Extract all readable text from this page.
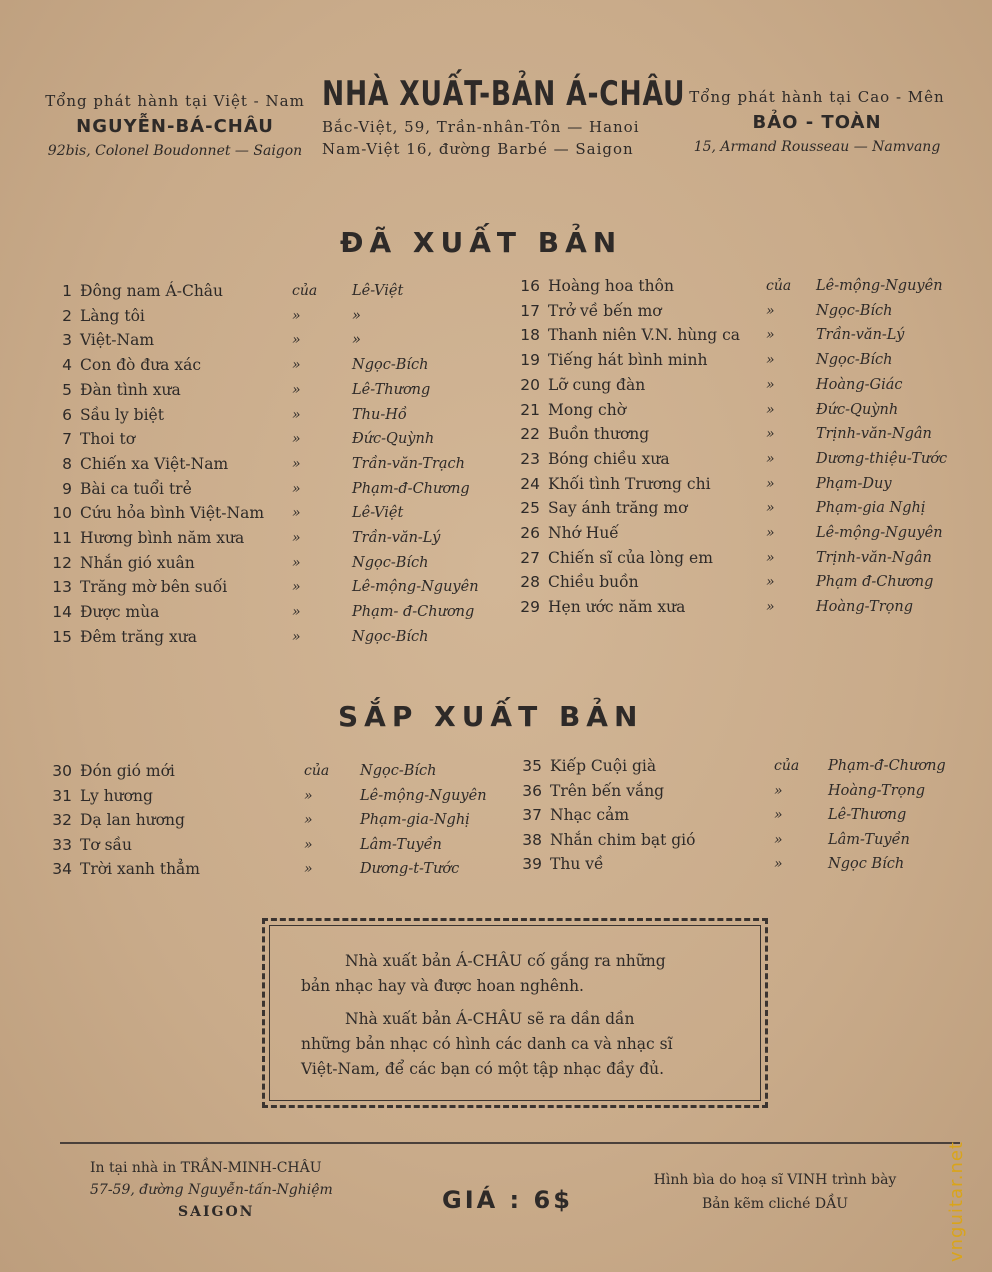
Tổng phát hành tại Việt - Nam
NGUYỄN-BÁ-CHÂU
92bis, Colonel Boudonnet — Saigon
NHÀ XUẤT-BẢN Á-CHÂU
Bắc-Việt, 59, Trần-nhân-Tôn — Hanoi
Nam-Việt 16, đường Barbé — Saigon
Tổng phát hành tại Cao - Mên
BẢO - TOÀN
15, Armand Rousseau — Namvang
ĐÃ XUẤT BẢN
1 Đông nam Á-Châu	của Lê-Việt
2 Làng tôi	»	»
3 Việt-Nam	»	»
4 Con đò đưa xác	»	Ngọc-Bích
5 Đàn tình xưa	»	Lê-Thương
6 Sầu ly biệt	»	Thu-Hồ
7 Thoi tơ	»	Đức-Quỳnh
8 Chiến xa Việt-Nam	»	Trần-văn-Trạch
9 Bài ca tuổi trẻ	»	Phạm-đ-Chương
10 Cứu hỏa bình Việt-Nam »	Lê-Việt
11 Hương bình năm xưa	»	Trần-văn-Lý
12 Nhắn gió xuân	»	Ngọc-Bích
13 Trăng mờ bên suối	»	Lê-mộng-Nguyên
14 Được mùa	»	Phạm- đ-Chương
15 Đêm trăng xưa	»	Ngọc-Bích
16 Hoàng hoa thôn	của Lê-mộng-Nguyên
17 Trở về bến mơ	»	Ngọc-Bích
18 Thanh niên V.N. hùng ca »	Trần-văn-Lý
19 Tiếng hát bình minh	»	Ngọc-Bích
20 Lỡ cung đàn	»	Hoàng-Giác
21 Mong chờ	»	Đức-Quỳnh
22 Buồn thương	»	Trịnh-văn-Ngân
23 Bóng chiều xưa	»	Dương-thiệu-Tước
24 Khối tình Trương chi	»	Phạm-Duy
25 Say ánh trăng mơ	»	Phạm-gia Nghị
26 Nhớ Huế	»	Lê-mộng-Nguyên
27 Chiến sĩ của lòng em	»	Trịnh-văn-Ngân
28 Chiều buồn	»	Phạm đ-Chương
29 Hẹn ước năm xưa	»	Hoàng-Trọng
SẮP XUẤT BẢN
30 Đón gió mới	của Ngọc-Bích
31 Ly hương	»	Lê-mộng-Nguyên
32 Dạ lan hương	»	Phạm-gia-Nghị
33 Tơ sầu	»	Lâm-Tuyền
34 Trời xanh thẳm	»	Dương-t-Tước
35 Kiếp Cuội già	của Phạm-đ-Chương
36 Trên bến vắng	»	Hoàng-Trọng
37 Nhạc cảm	»	Lê-Thương
38 Nhắn chim bạt gió	»	Lâm-Tuyền
39 Thu về	»	Ngọc Bích
Nhà xuất bản Á-CHÂU cố gắng ra những
bản nhạc hay và được hoan nghênh.
Nhà xuất bản Á-CHÂU sẽ ra dần dần
những bản nhạc có hình các danh ca và nhạc sĩ
Việt-Nam, để các bạn có một tập nhạc đầy đủ.
In tại nhà in TRẦN-MINH-CHÂU
57-59, đường Nguyễn-tấn-Nghiệm
SAIGON	GIÁ : 6$
Hình bìa do hoạ sĩ VINH trình bày
Bản kẽm cliché DẦU	vnguitar.net
